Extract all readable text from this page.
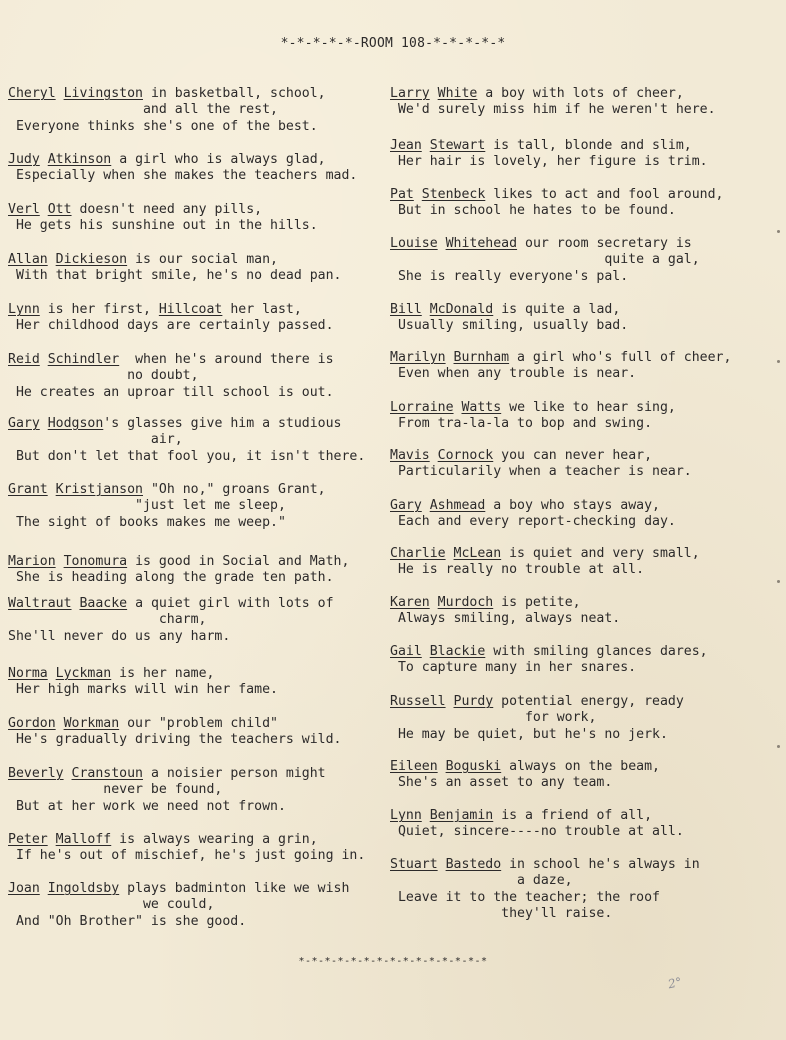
*-*-*-*-*-ROOM 108-*-*-*-*-*
Cheryl Livingston in basketball, school,
and all the rest,
Everyone thinks she's one of the best.
Judy Atkinson a girl who is always glad,
Especially when she makes the teachers mad.
Verl Ott doesn't need any pills,
He gets his sunshine out in the hills.
Allan Dickieson is our social man,
With that bright smile, he's no dead pan.
Lynn is her first, Hillcoat her last,
Her childhood days are certainly passed.
Reid Schindler  when he's around there is
no doubt,
He creates an uproar till school is out.
Gary Hodgson's glasses give him a studious
air,
But don't let that fool you, it isn't there.
Grant Kristjanson "Oh no," groans Grant,
"just let me sleep,
The sight of books makes me weep."
Marion Tonomura is good in Social and Math,
She is heading along the grade ten path.
Waltraut Baacke a quiet girl with lots of
charm,
She'll never do us any harm.
Norma Lyckman is her name,
Her high marks will win her fame.
Gordon Workman our "problem child"
He's gradually driving the teachers wild.
Beverly Cranstoun a noisier person might
never be found,
But at her work we need not frown.
Peter Malloff is always wearing a grin,
If he's out of mischief, he's just going in.
Joan Ingoldsby plays badminton like we wish
we could,
And "Oh Brother" is she good.
Larry White a boy with lots of cheer,
We'd surely miss him if he weren't here.
Jean Stewart is tall, blonde and slim,
Her hair is lovely, her figure is trim.
Pat Stenbeck likes to act and fool around,
But in school he hates to be found.
Louise Whitehead our room secretary is
quite a gal,
She is really everyone's pal.
Bill McDonald is quite a lad,
Usually smiling, usually bad.
Marilyn Burnham a girl who's full of cheer,
Even when any trouble is near.
Lorraine Watts we like to hear sing,
From tra-la-la to bop and swing.
Mavis Cornock you can never hear,
Particularily when a teacher is near.
Gary Ashmead a boy who stays away,
Each and every report-checking day.
Charlie McLean is quiet and very small,
He is really no trouble at all.
Karen Murdoch is petite,
Always smiling, always neat.
Gail Blackie with smiling glances dares,
To capture many in her snares.
Russell Purdy potential energy, ready
for work,
He may be quiet, but he's no jerk.
Eileen Boguski always on the beam,
She's an asset to any team.
Lynn Benjamin is a friend of all,
Quiet, sincere----no trouble at all.
Stuart Bastedo in school he's always in
a daze,
Leave it to the teacher; the roof
they'll raise.
*-*-*-*-*-*-*-*-*-*-*-*-*-*-*
2°
